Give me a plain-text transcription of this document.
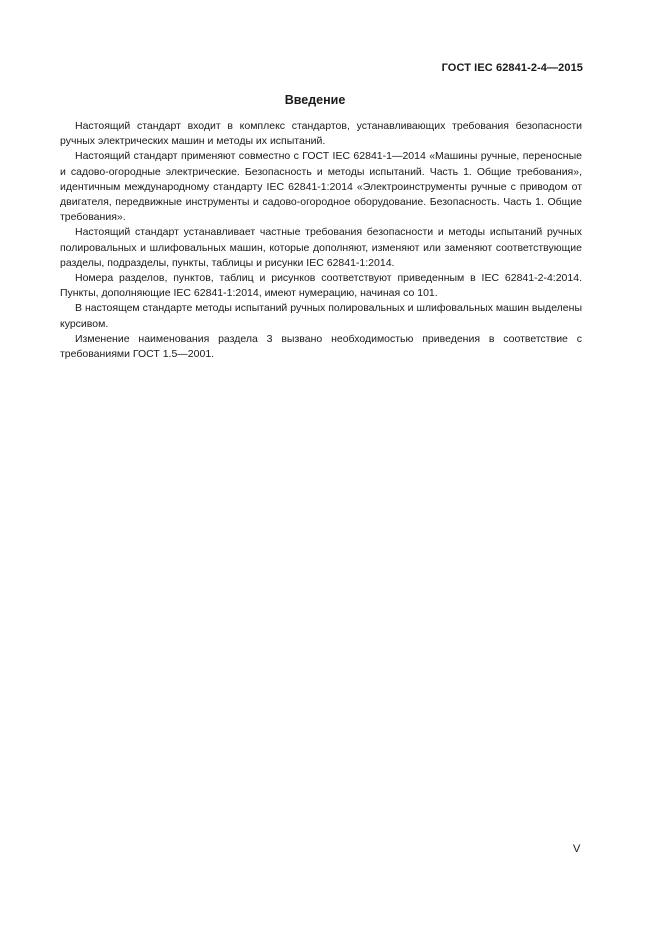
ГОСТ IEC 62841-2-4—2015
Введение

Настоящий стандарт входит в комплекс стандартов, устанавливающих требования безопасности ручных электрических машин и методы их испытаний.

Настоящий стандарт применяют совместно с ГОСТ IEC 62841-1—2014 «Машины ручные, переносные и садово-огородные электрические. Безопасность и методы испытаний. Часть 1. Общие требования», идентичным международному стандарту IEC 62841-1:2014 «Электроинструменты ручные с приводом от двигателя, передвижные инструменты и садово-огородное оборудование. Безопасность. Часть 1. Общие требования».

Настоящий стандарт устанавливает частные требования безопасности и методы испытаний ручных полировальных и шлифовальных машин, которые дополняют, изменяют или заменяют соответствующие разделы, подразделы, пункты, таблицы и рисунки IEC 62841-1:2014.

Номера разделов, пунктов, таблиц и рисунков соответствуют приведенным в IEC 62841-2-4:2014. Пункты, дополняющие IEC 62841-1:2014, имеют нумерацию, начиная со 101.

В настоящем стандарте методы испытаний ручных полировальных и шлифовальных машин выделены курсивом.

Изменение наименования раздела 3 вызвано необходимостью приведения в соответствие с требованиями ГОСТ 1.5—2001.

V
